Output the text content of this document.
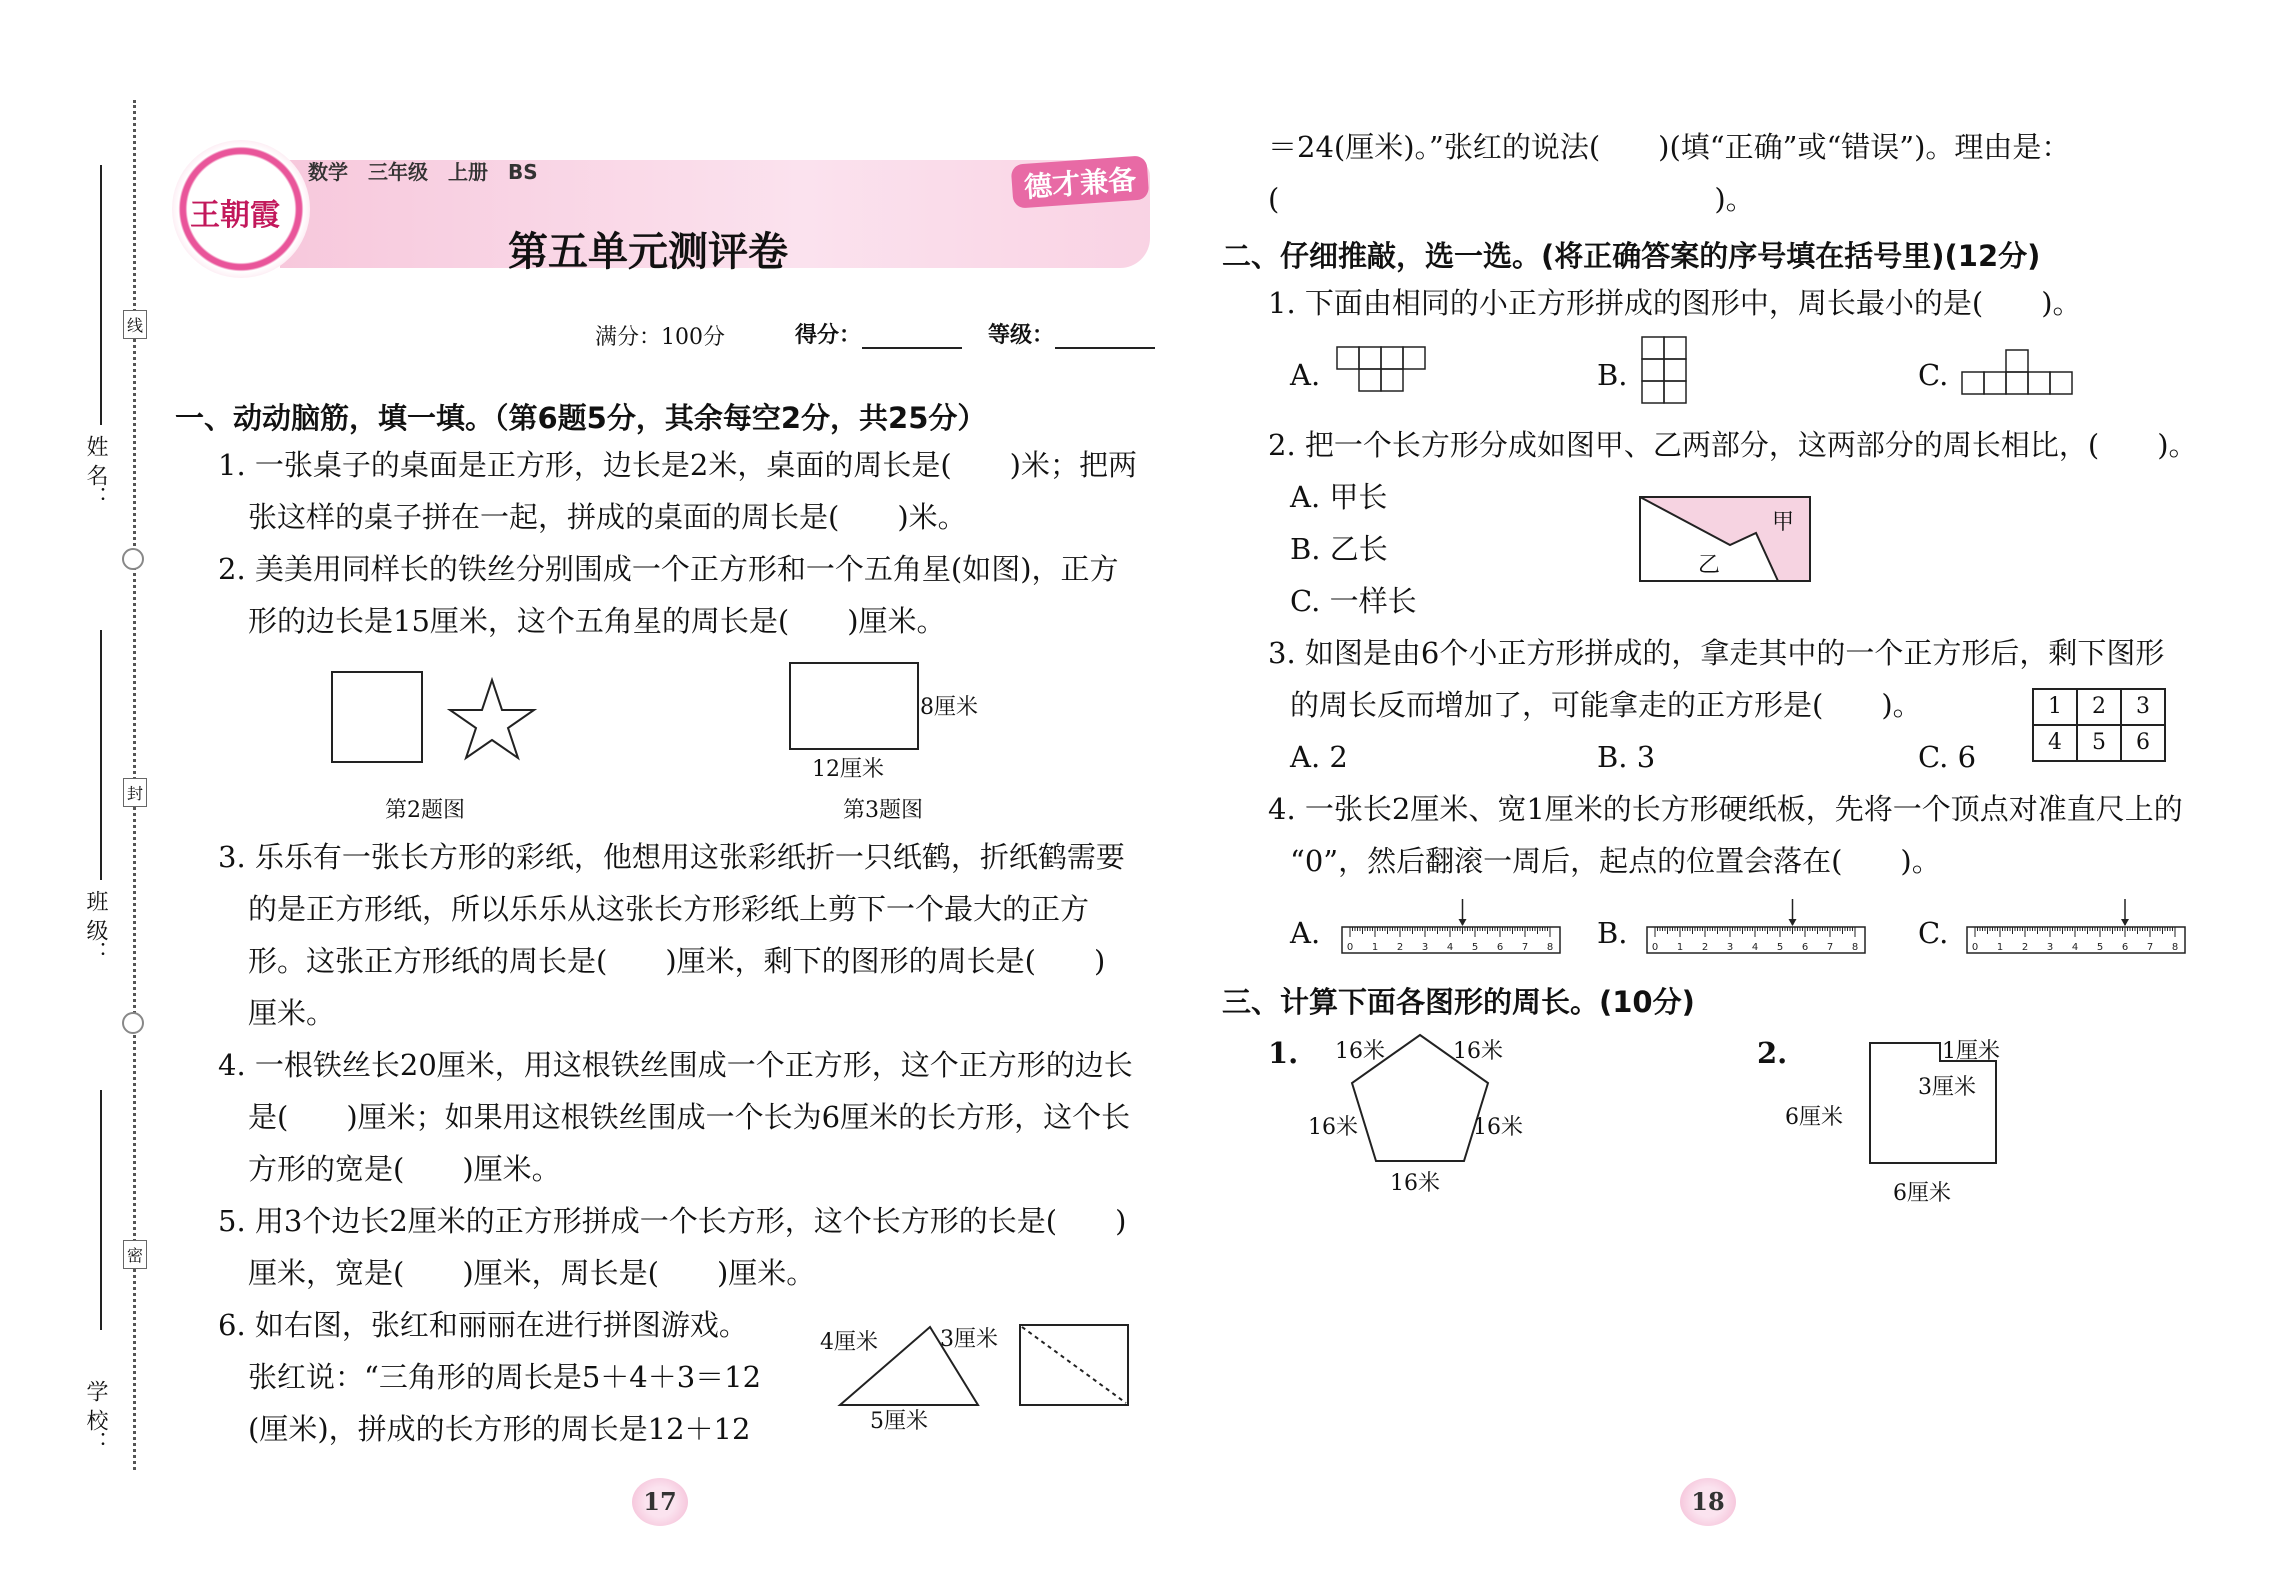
姓 名：
班 级：
学 校：
线
封
密
王朝霞
数学　三年级　上册　BS
第五单元测评卷
德才兼备
满分：100分	得分：	等级：
一、动动脑筋，填一填。（第6题5分，其余每空2分，共25分）
1. 一张桌子的桌面是正方形，边长是2米，桌面的周长是(　　)米；把两
张这样的桌子拼在一起，拼成的桌面的周长是(　　)米。
2. 美美用同样长的铁丝分别围成一个正方形和一个五角星(如图)，正方
形的边长是15厘米，这个五角星的周长是(　　)厘米。
8厘米
12厘米
第2题图	第3题图
3. 乐乐有一张长方形的彩纸，他想用这张彩纸折一只纸鹤，折纸鹤需要
的是正方形纸，所以乐乐从这张长方形彩纸上剪下一个最大的正方
形。这张正方形纸的周长是(　　)厘米，剩下的图形的周长是(　　)
厘米。
4. 一根铁丝长20厘米，用这根铁丝围成一个正方形，这个正方形的边长
是(　　)厘米；如果用这根铁丝围成一个长为6厘米的长方形，这个长
方形的宽是(　　)厘米。
5. 用3个边长2厘米的正方形拼成一个长方形，这个长方形的长是(　　)
厘米，宽是(　　)厘米，周长是(　　)厘米。
6. 如右图，张红和丽丽在进行拼图游戏。
张红说：“三角形的周长是5＋4＋3＝12
(厘米)，拼成的长方形的周长是12＋12
4厘米	3厘米
5厘米
17
＝24(厘米)。”张红的说法(　　)(填“正确”或“错误”)。理由是：
(　　　　　　　　　　　　　　　)。
二、仔细推敲，选一选。(将正确答案的序号填在括号里)(12分)
1. 下面由相同的小正方形拼成的图形中，周长最小的是(　　)。
A.	B.	C.
2. 把一个长方形分成如图甲、乙两部分，这两部分的周长相比，(　　)。
A. 甲长
B. 乙长
C. 一样长
甲
乙
3. 如图是由6个小正方形拼成的，拿走其中的一个正方形后，剩下图形
的周长反而增加了，可能拿走的正方形是(　　)。
A. 2	B. 3	C. 6
1	2	3
4	5	6
4. 一张长2厘米、宽1厘米的长方形硬纸板，先将一个顶点对准直尺上的
“0”，然后翻滚一周后，起点的位置会落在(　　)。
A.	0 1 2 3 4 5 6 7 8 B. 0 1 2 3 4 5 6 7 8 C. 0 1 2 3 4 5 6 7 8
三、计算下面各图形的周长。(10分)
1. 16米	16米
16米	16米
16米
2.	1厘米
3厘米
6厘米
6厘米
18
